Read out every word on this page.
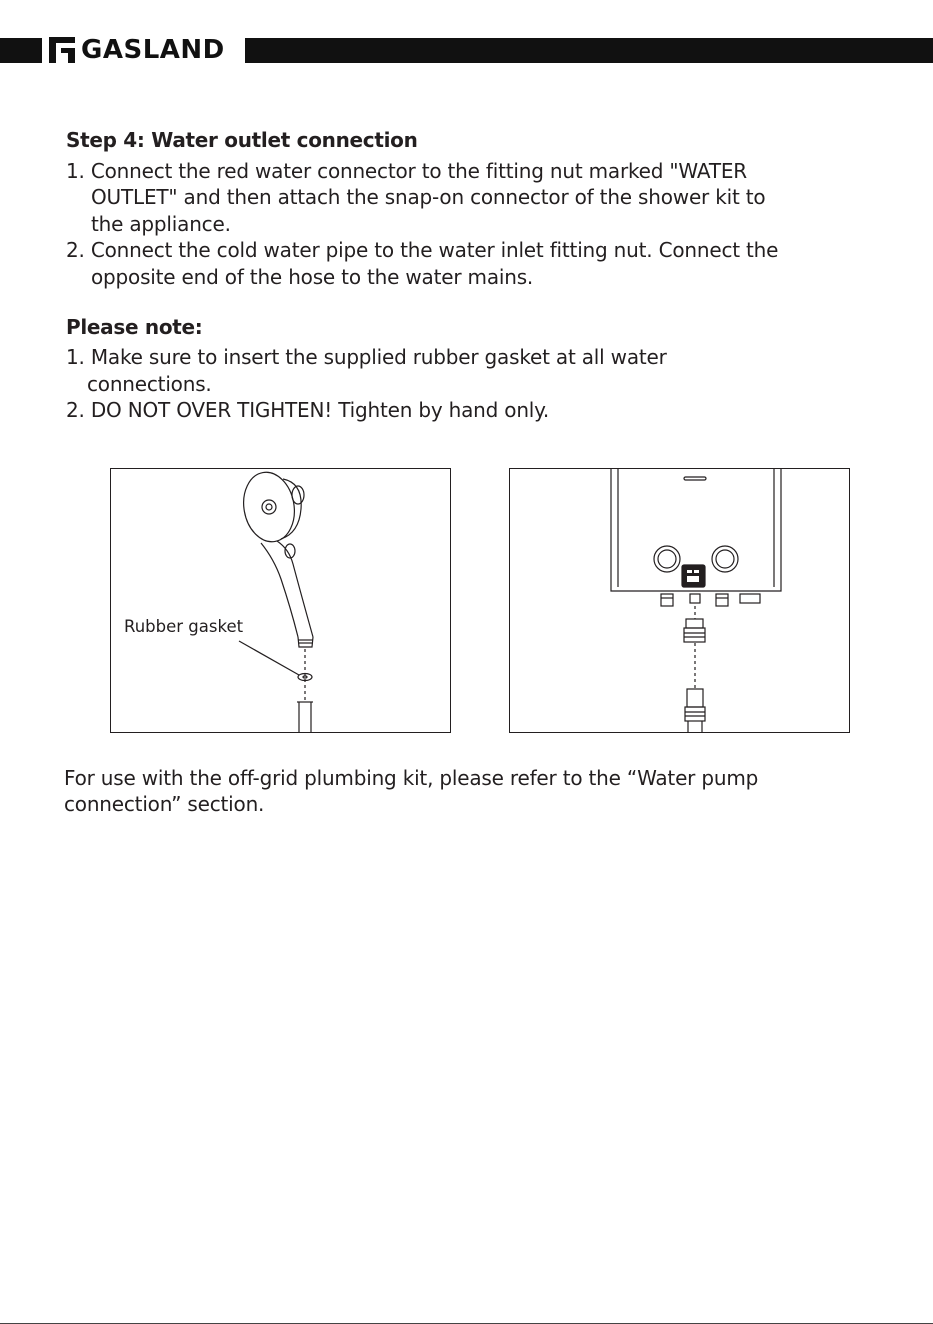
GASLAND
Step 4: Water outlet connection
1. Connect the red water connector to the fitting nut marked "WATER
OUTLET" and then attach the snap-on connector of the shower kit to
the appliance.
2. Connect the cold water pipe to the water inlet fitting nut. Connect the
opposite end of the hose to the water mains.
Please note:
1. Make sure to insert the supplied rubber gasket at all water
connections.
2. DO NOT OVER TIGHTEN! Tighten by hand only.
Rubber gasket
For use with the off-grid plumbing kit, please refer to the “Water pump
connection” section.
